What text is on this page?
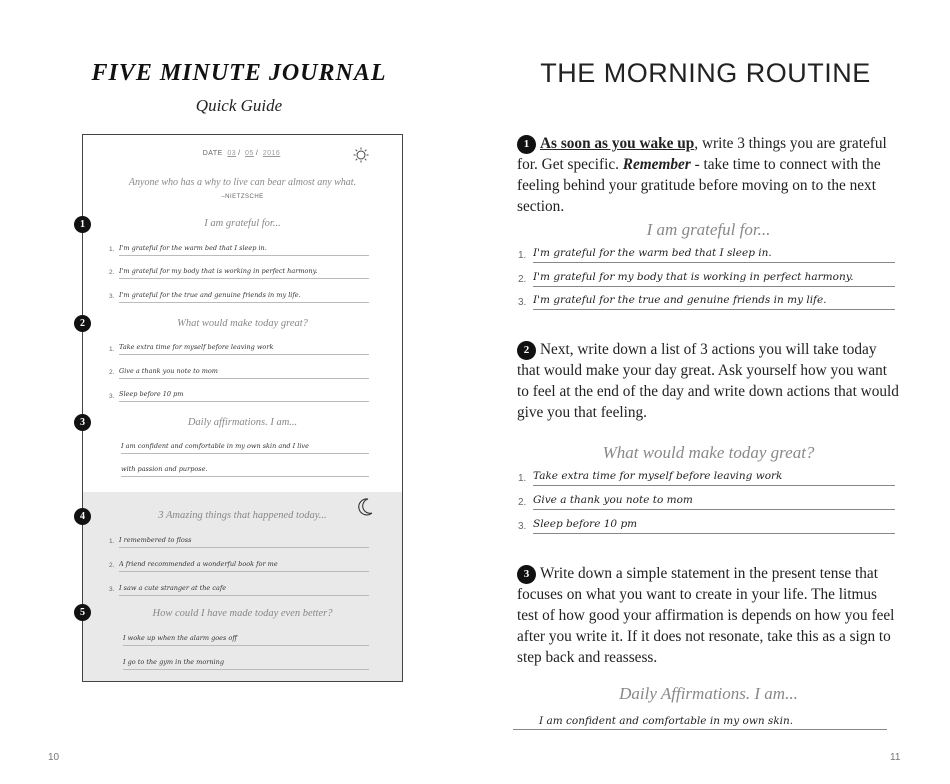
FIVE MINUTE JOURNAL
Quick Guide
DATE 03 / 05 / 2016
Anyone who has a why to live can bear almost any what.
–NIETZSCHE
I am grateful for...
1. I'm grateful for the warm bed that I sleep in.
2. I'm grateful for my body that is working in perfect harmony.
3. I'm grateful for the true and genuine friends in my life.
What would make today great?
1. Take extra time for myself before leaving work
2. Give a thank you note to mom
3. Sleep before 10 pm
Daily affirmations. I am...
I am confident and comfortable in my own skin and I live
with passion and purpose.
3 Amazing things that happened today...
1. I remembered to floss
2. A friend recommended a wonderful book for me
3. I saw a cute stranger at the cafe
How could I have made today even better?
I woke up when the alarm goes off
I go to the gym in the morning
1
2
3
4
5
10
THE MORNING ROUTINE
1 As soon as you wake up, write 3 things you are grateful for. Get specific. Remember - take time to connect with the feeling behind your gratitude before moving on to the next section.
I am grateful for...
1. I'm grateful for the warm bed that I sleep in.
2. I'm grateful for my body that is working in perfect harmony.
3. I'm grateful for the true and genuine friends in my life.
2 Next, write down a list of 3 actions you will take today that would make your day great. Ask yourself how you want to feel at the end of the day and write down actions that would give you that feeling.
What would make today great?
1. Take extra time for myself before leaving work
2. Give a thank you note to mom
3. Sleep before 10 pm
3 Write down a simple statement in the present tense that focuses on what you want to create in your life. The litmus test of how good your affirmation is depends on how you feel after you write it. If it does not resonate, take this as a sign to step back and reassess.
Daily Affirmations. I am...
I am confident and comfortable in my own skin.
11
